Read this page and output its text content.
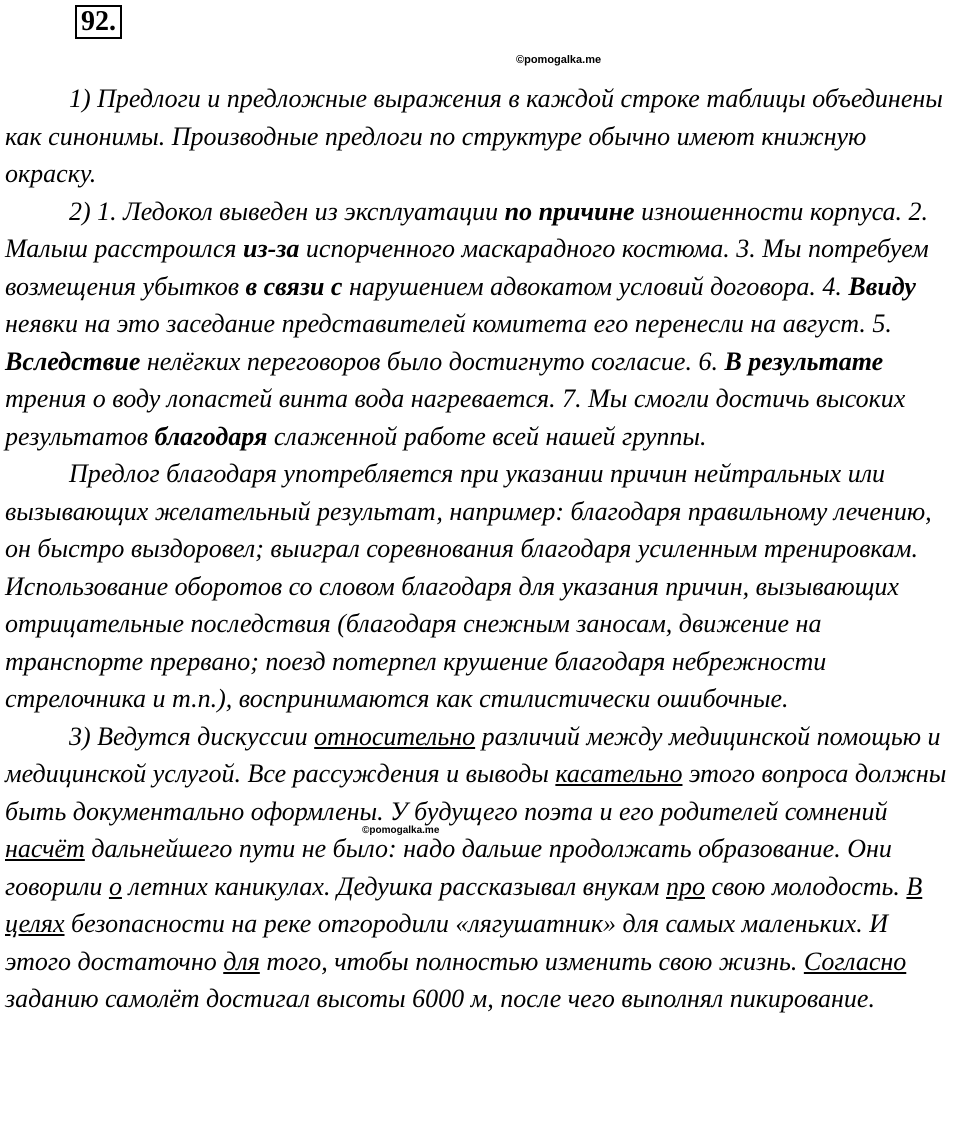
92.
©pomogalka.me

1) Предлоги и предложные выражения в каждой строке таблицы объединены как синонимы. Производные предлоги по структуре обычно имеют книжную окраску.

2) 1. Ледокол выведен из эксплуатации по причине изношенности корпуса. 2. Малыш расстроился из-за испорченного маскарадного костюма. 3. Мы потребуем возмещения убытков в связи с нарушением адвокатом условий договора. 4. Ввиду неявки на это заседание представителей комитета его перенесли на август. 5. Вследствие нелёгких переговоров было достигнуто согласие. 6. В результате трения о воду лопастей винта вода нагревается. 7. Мы смогли достичь высоких результатов благодаря слаженной работе всей нашей группы.

Предлог благодаря употребляется при указании причин нейтральных или вызывающих желательный результат, например: благодаря правильному лечению, он быстро выздоровел; выиграл соревнования благодаря усиленным тренировкам. Использование оборотов со словом благодаря для указания причин, вызывающих отрицательные последствия (благодаря снежным заносам, движение на транспорте прервано; поезд потерпел крушение благодаря небрежности стрелочника и т.п.), воспринимаются как стилистически ошибочные.

3) Ведутся дискуссии относительно различий между медицинской помощью и медицинской услугой. Все рассуждения и выводы касательно этого вопроса должны быть документально оформлены. У будущего поэта и его родителей сомнений насчёт дальнейшего пути не было: надо дальше продолжать образование. Они говорили о летних каникулах. Дедушка рассказывал внукам про свою молодость. В целях безопасности на реке отгородили «лягушатник» для самых маленьких. И этого достаточно для того, чтобы полностью изменить свою жизнь. Согласно заданию самолёт достигал высоты 6000 м, после чего выполнял пикирование.

©pomogalka.me
